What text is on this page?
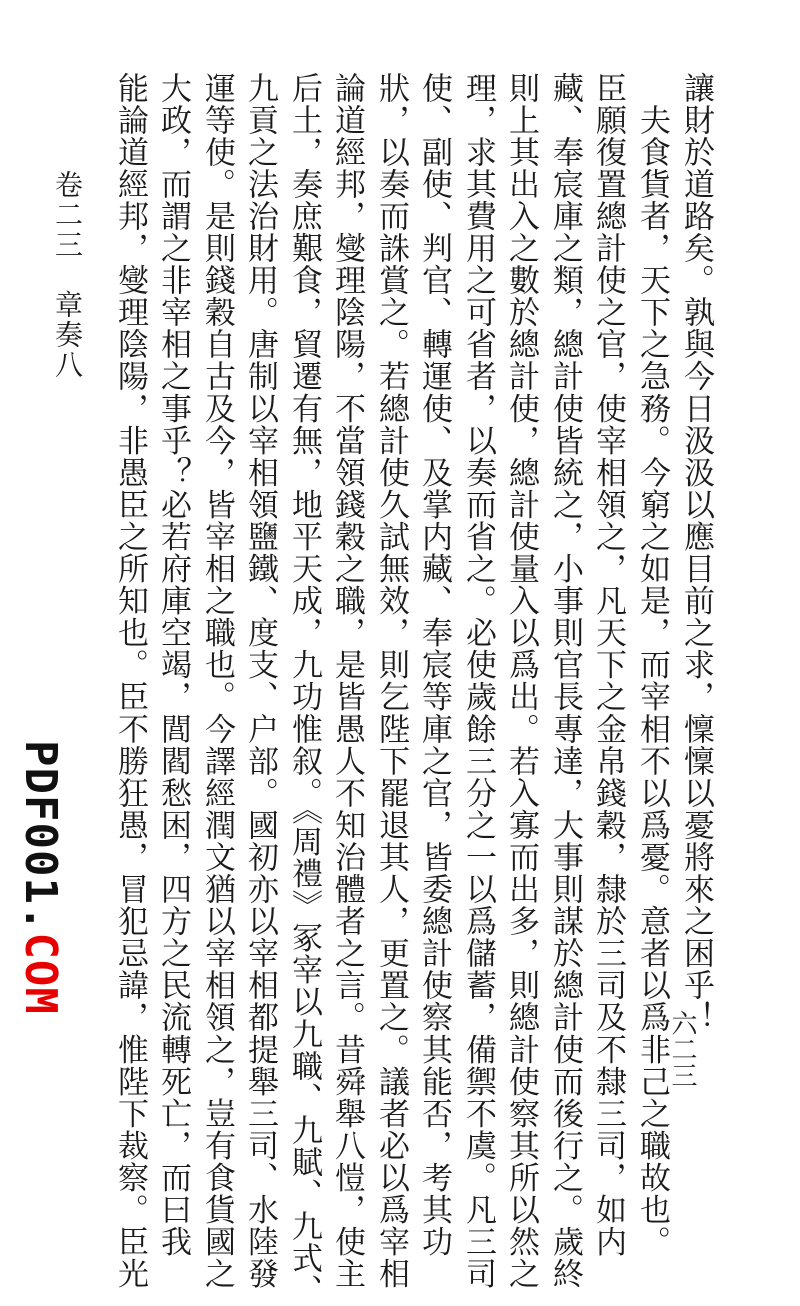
讓財於道路矣。孰與今日汲汲以應目前之求，懍懍以憂將來之困乎！
　夫食貨者，天下之急務。今窮之如是，而宰相不以爲憂。意者以爲非己之職故也。
臣願復置總計使之官，使宰相領之，凡天下之金帛錢穀，隸於三司及不隸三司，如内
藏、奉宸庫之類，總計使皆統之，小事則官長專達，大事則謀於總計使而後行之。歲終
則上其出入之數於總計使，總計使量入以爲出。若入寡而出多，則總計使察其所以然之
理，求其費用之可省者，以奏而省之。必使歲餘三分之一以爲儲蓄，備禦不虞。凡三司
使、副使、判官、轉運使、及掌内藏、奉宸等庫之官，皆委總計使察其能否，考其功
狀，以奏而誅賞之。若總計使久試無效，則乞陛下罷退其人，更置之。議者必以爲宰相
論道經邦，燮理陰陽，不當領錢穀之職，是皆愚人不知治體者之言。昔舜舉八愷，使主
后土，奏庶艱食，貿遷有無，地平天成，九功惟叙。《周禮》冢宰以九職、九賦、九式、
九貢之法治財用。唐制以宰相領鹽鐵、度支、户部。國初亦以宰相都提舉三司、水陸發
運等使。是則錢穀自古及今，皆宰相之職也。今譯經潤文猶以宰相領之，豈有食貨國之
大政，而謂之非宰相之事乎？必若府庫空竭，閭閻愁困，四方之民流轉死亡，而曰我
能論道經邦，燮理陰陽，非愚臣之所知也。臣不勝狂愚，冒犯忌諱，惟陛下裁察。臣光
卷二三　章奏八
六二三
PDF001.COM
